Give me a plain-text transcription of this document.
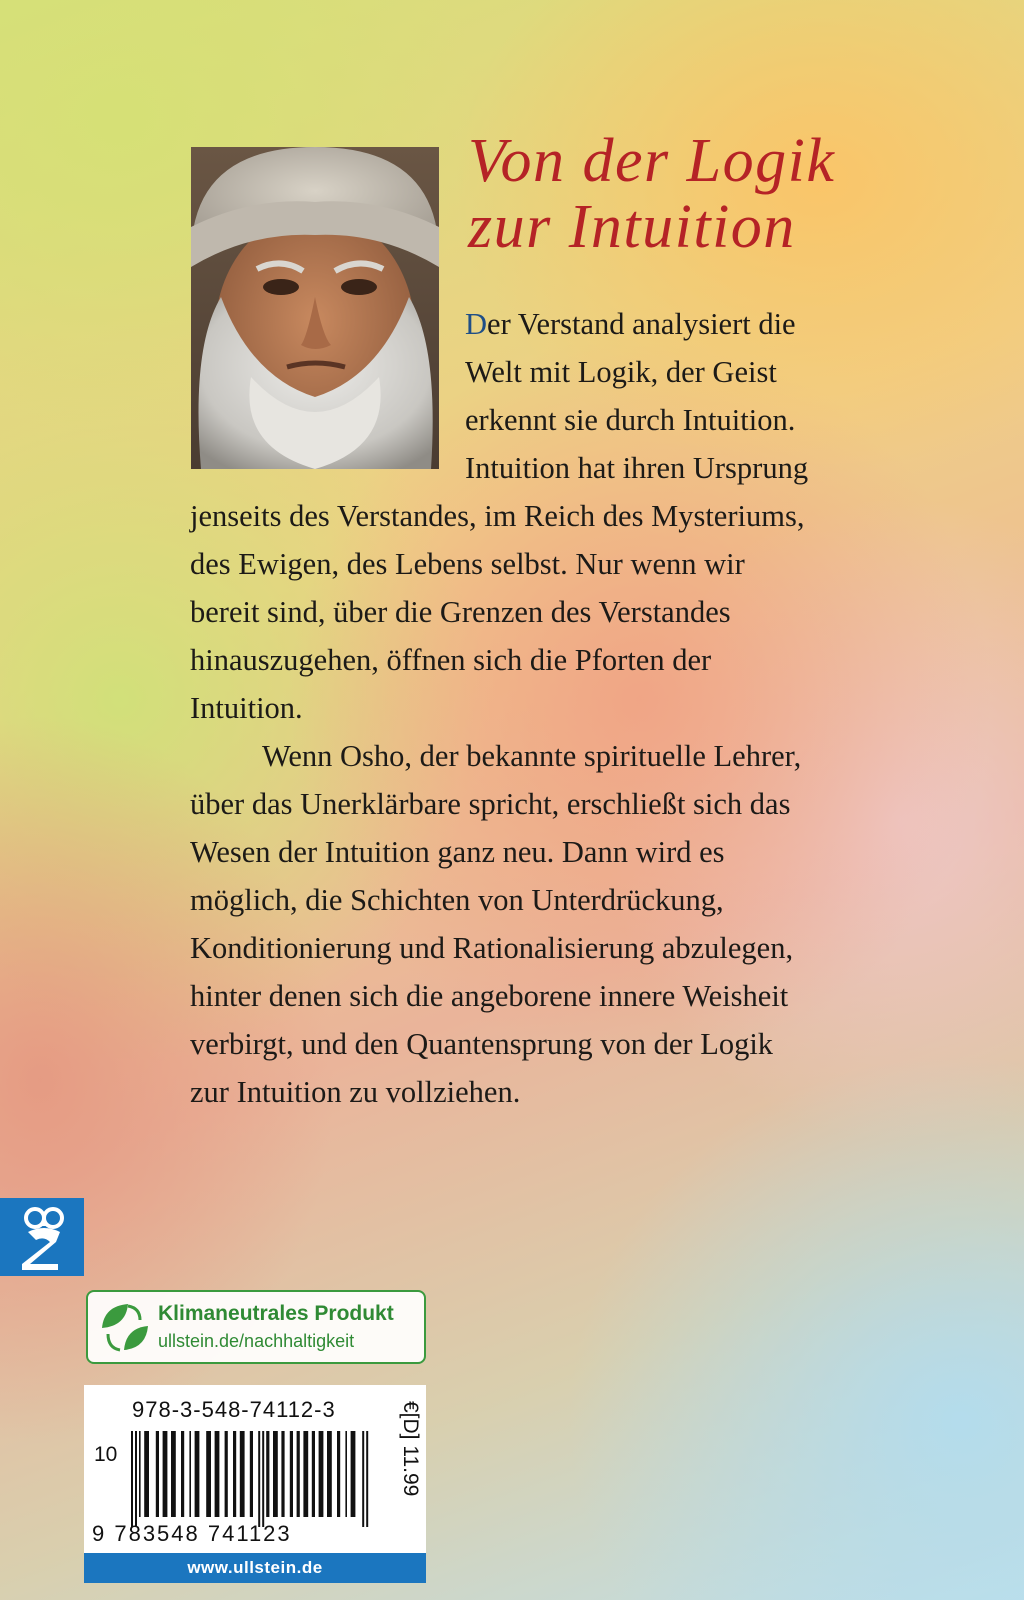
Von der Logik
zur Intuition
Der Verstand analysiert die
Welt mit Logik, der Geist
erkennt sie durch Intuition.
Intuition hat ihren Ursprung
jenseits des Verstandes, im Reich des Mysteriums,
des Ewigen, des Lebens selbst. Nur wenn wir
bereit sind, über die Grenzen des Verstandes
hinauszugehen, öffnen sich die Pforten der
Intuition.
Wenn Osho, der bekannte spirituelle Lehrer,
über das Unerklärbare spricht, erschließt sich das
Wesen der Intuition ganz neu. Dann wird es
möglich, die Schichten von Unterdrückung,
Konditionierung und Rationalisierung abzulegen,
hinter denen sich die angeborene innere Weisheit
verbirgt, und den Quantensprung von der Logik
zur Intuition zu vollziehen.
Klimaneutrales Produkt
ullstein.de/nachhaltigkeit
978-3-548-74112-3
10
9 783548 741123
€[D] 11.99
www.ullstein.de
